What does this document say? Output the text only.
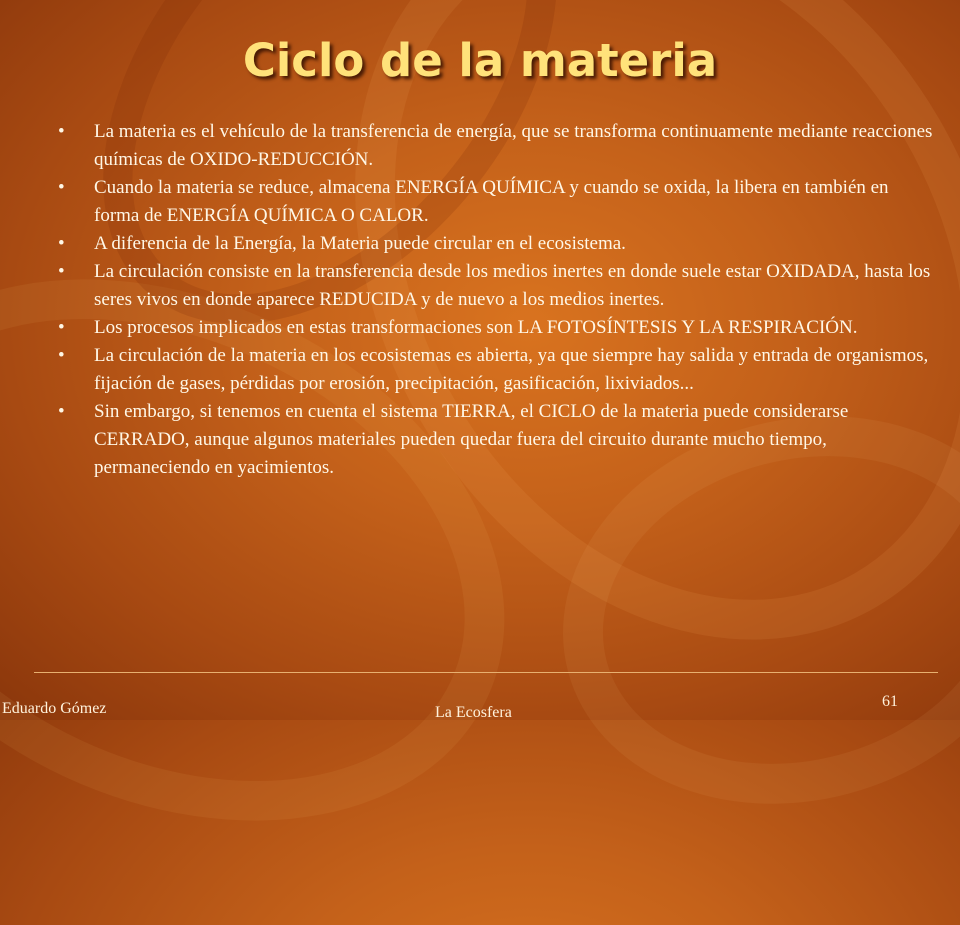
Ciclo de la materia
• La materia es el vehículo de la transferencia de energía, que se transforma continuamente mediante reacciones químicas de OXIDO-REDUCCIÓN.
• Cuando la materia se reduce, almacena ENERGÍA QUÍMICA y cuando se oxida, la libera en también en forma de ENERGÍA QUÍMICA O CALOR.
• A diferencia de la Energía, la Materia puede circular en el ecosistema.
• La circulación consiste en la transferencia desde los medios inertes en donde suele estar OXIDADA, hasta los seres vivos en donde aparece REDUCIDA y de nuevo a los medios inertes.
• Los procesos implicados en estas transformaciones son LA FOTOSÍNTESIS Y LA RESPIRACIÓN.
• La circulación de la materia en los ecosistemas es abierta, ya que siempre hay salida y entrada de organismos, fijación de gases, pérdidas por erosión, precipitación, gasificación, lixiviados...
• Sin embargo, si tenemos en cuenta el sistema TIERRA, el CICLO de la materia puede considerarse CERRADO, aunque algunos materiales pueden quedar fuera del circuito durante mucho tiempo, permaneciendo en yacimientos.
Eduardo Gómez	La Ecosfera
61
